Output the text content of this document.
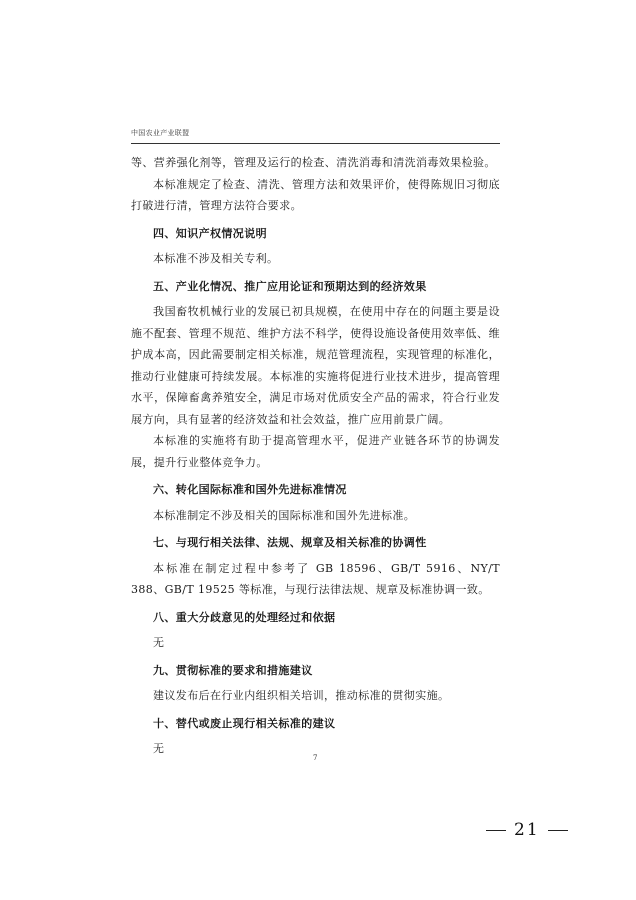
中国农业产业联盟

等、营养强化剂等，管理及运行的检查、清洗消毒和清洗消毒效果检验。

本标准规定了检查、清洗、管理方法和效果评价，使得陈规旧习彻底打破进行清，管理方法符合要求。

四、知识产权情况说明

本标准不涉及相关专利。

五、产业化情况、推广应用论证和预期达到的经济效果

我国畜牧机械行业的发展已初具规模，在使用中存在的问题主要是设施不配套、管理不规范、维护方法不科学，使得设施设备使用效率低、维护成本高，因此需要制定相关标准，规范管理流程，实现管理的标准化，推动行业健康可持续发展。本标准的实施将促进行业技术进步，提高管理水平，保障畜禽养殖安全，满足市场对优质安全产品的需求，符合行业发展方向，具有显著的经济效益和社会效益，推广应用前景广阔。

本标准的实施将有助于提高管理水平，促进产业链各环节的协调发展，提升行业整体竞争力。

六、转化国际标准和国外先进标准情况

本标准制定不涉及相关的国际标准和国外先进标准。

七、与现行相关法律、法规、规章及相关标准的协调性

本标准在制定过程中参考了 GB 18596、GB/T 5916、NY/T 388、GB/T 19525 等标准，与现行法律法规、规章及标准协调一致。

八、重大分歧意见的处理经过和依据

无

九、贯彻标准的要求和措施建议

建议发布后在行业内组织相关培训，推动标准的贯彻实施。

十、替代或废止现行相关标准的建议

无

7
21
